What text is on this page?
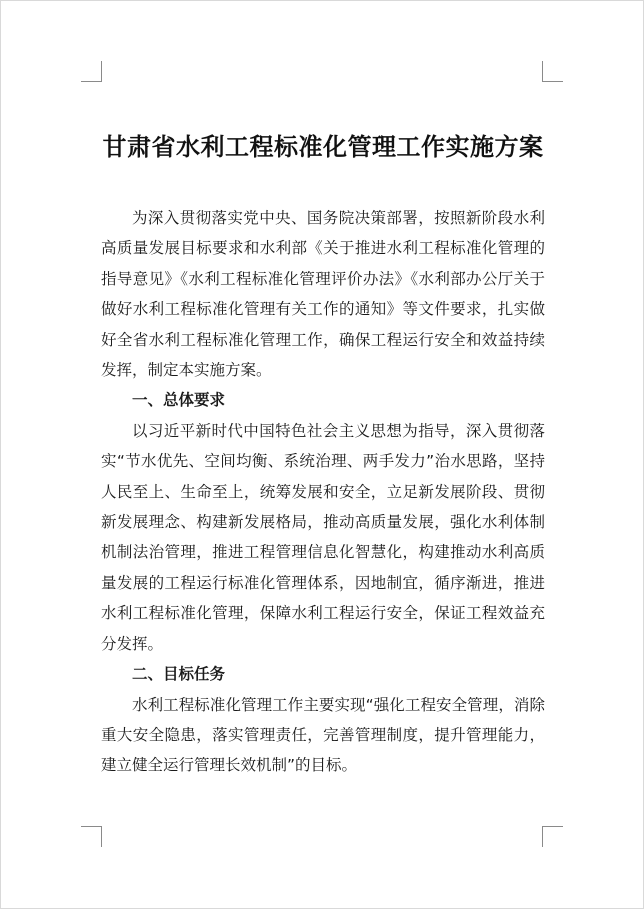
甘肃省水利工程标准化管理工作实施方案

为深入贯彻落实党中央、国务院决策部署，按照新阶段水利高质量发展目标要求和水利部《关于推进水利工程标准化管理的指导意见》《水利工程标准化管理评价办法》《水利部办公厅关于做好水利工程标准化管理有关工作的通知》等文件要求，扎实做好全省水利工程标准化管理工作，确保工程运行安全和效益持续发挥，制定本实施方案。

一、总体要求

以习近平新时代中国特色社会主义思想为指导，深入贯彻落实“节水优先、空间均衡、系统治理、两手发力”治水思路，坚持人民至上、生命至上，统筹发展和安全，立足新发展阶段、贯彻新发展理念、构建新发展格局，推动高质量发展，强化水利体制机制法治管理，推进工程管理信息化智慧化，构建推动水利高质量发展的工程运行标准化管理体系，因地制宜，循序渐进，推进水利工程标准化管理，保障水利工程运行安全，保证工程效益充分发挥。

二、目标任务

水利工程标准化管理工作主要实现“强化工程安全管理，消除重大安全隐患，落实管理责任，完善管理制度，提升管理能力，建立健全运行管理长效机制”的目标。
